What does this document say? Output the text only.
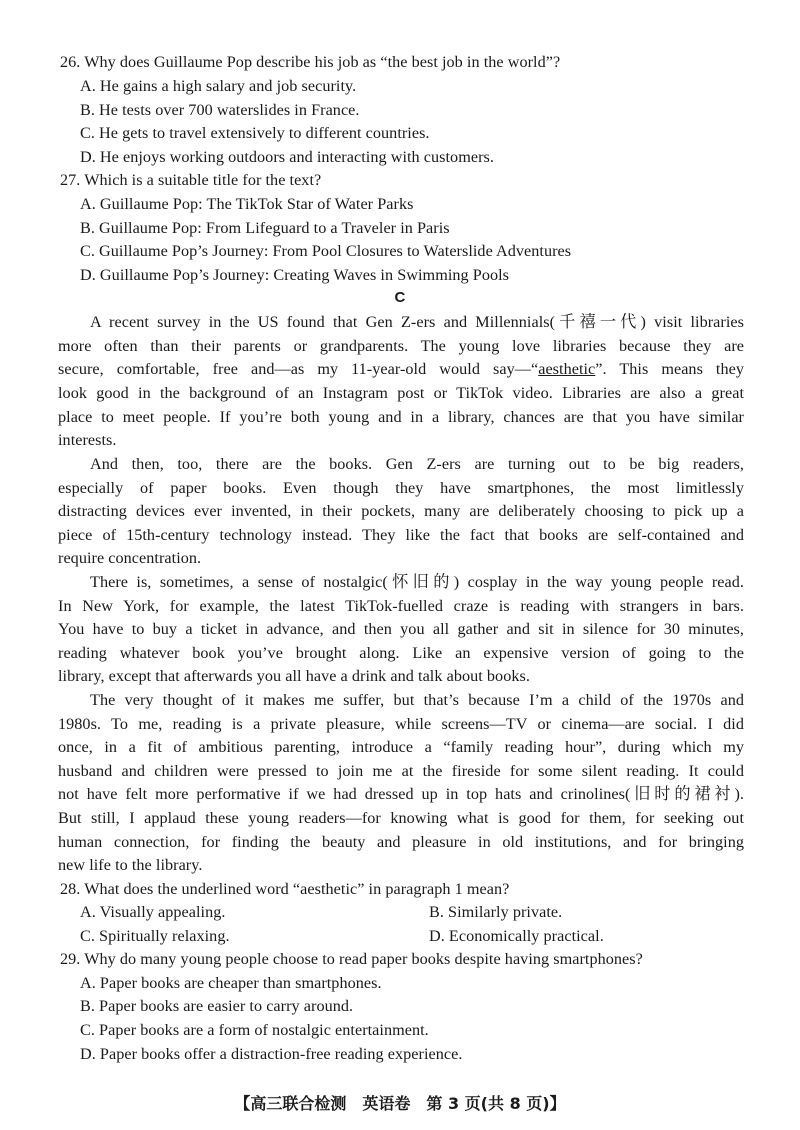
26. Why does Guillaume Pop describe his job as “the best job in the world”?
A. He gains a high salary and job security.
B. He tests over 700 waterslides in France.
C. He gets to travel extensively to different countries.
D. He enjoys working outdoors and interacting with customers.
27. Which is a suitable title for the text?
A. Guillaume Pop: The TikTok Star of Water Parks
B. Guillaume Pop: From Lifeguard to a Traveler in Paris
C. Guillaume Pop’s Journey: From Pool Closures to Waterslide Adventures
D. Guillaume Pop’s Journey: Creating Waves in Swimming Pools
C
A recent survey in the US found that Gen Z-ers and Millennials(千禧一代) visit libraries
more often than their parents or grandparents. The young love libraries because they are
secure, comfortable, free and—as my 11-year-old would say—“aesthetic”. This means they
look good in the background of an Instagram post or TikTok video. Libraries are also a great
place to meet people. If you’re both young and in a library, chances are that you have similar
interests.
And then, too, there are the books. Gen Z-ers are turning out to be big readers,
especially of paper books. Even though they have smartphones, the most limitlessly
distracting devices ever invented, in their pockets, many are deliberately choosing to pick up a
piece of 15th-century technology instead. They like the fact that books are self-contained and
require concentration.
There is, sometimes, a sense of nostalgic(怀旧的) cosplay in the way young people read.
In New York, for example, the latest TikTok-fuelled craze is reading with strangers in bars.
You have to buy a ticket in advance, and then you all gather and sit in silence for 30 minutes,
reading whatever book you’ve brought along. Like an expensive version of going to the
library, except that afterwards you all have a drink and talk about books.
The very thought of it makes me suffer, but that’s because I’m a child of the 1970s and
1980s. To me, reading is a private pleasure, while screens—TV or cinema—are social. I did
once, in a fit of ambitious parenting, introduce a “family reading hour”, during which my
husband and children were pressed to join me at the fireside for some silent reading. It could
not have felt more performative if we had dressed up in top hats and crinolines(旧时的裙衬).
But still, I applaud these young readers—for knowing what is good for them, for seeking out
human connection, for finding the beauty and pleasure in old institutions, and for bringing
new life to the library.
28. What does the underlined word “aesthetic” in paragraph 1 mean?
A. Visually appealing.	B. Similarly private.
C. Spiritually relaxing.	D. Economically practical.
29. Why do many young people choose to read paper books despite having smartphones?
A. Paper books are cheaper than smartphones.
B. Paper books are easier to carry around.
C. Paper books are a form of nostalgic entertainment.
D. Paper books offer a distraction-free reading experience.
【高三联合检测　英语卷　第 3 页(共 8 页)】
